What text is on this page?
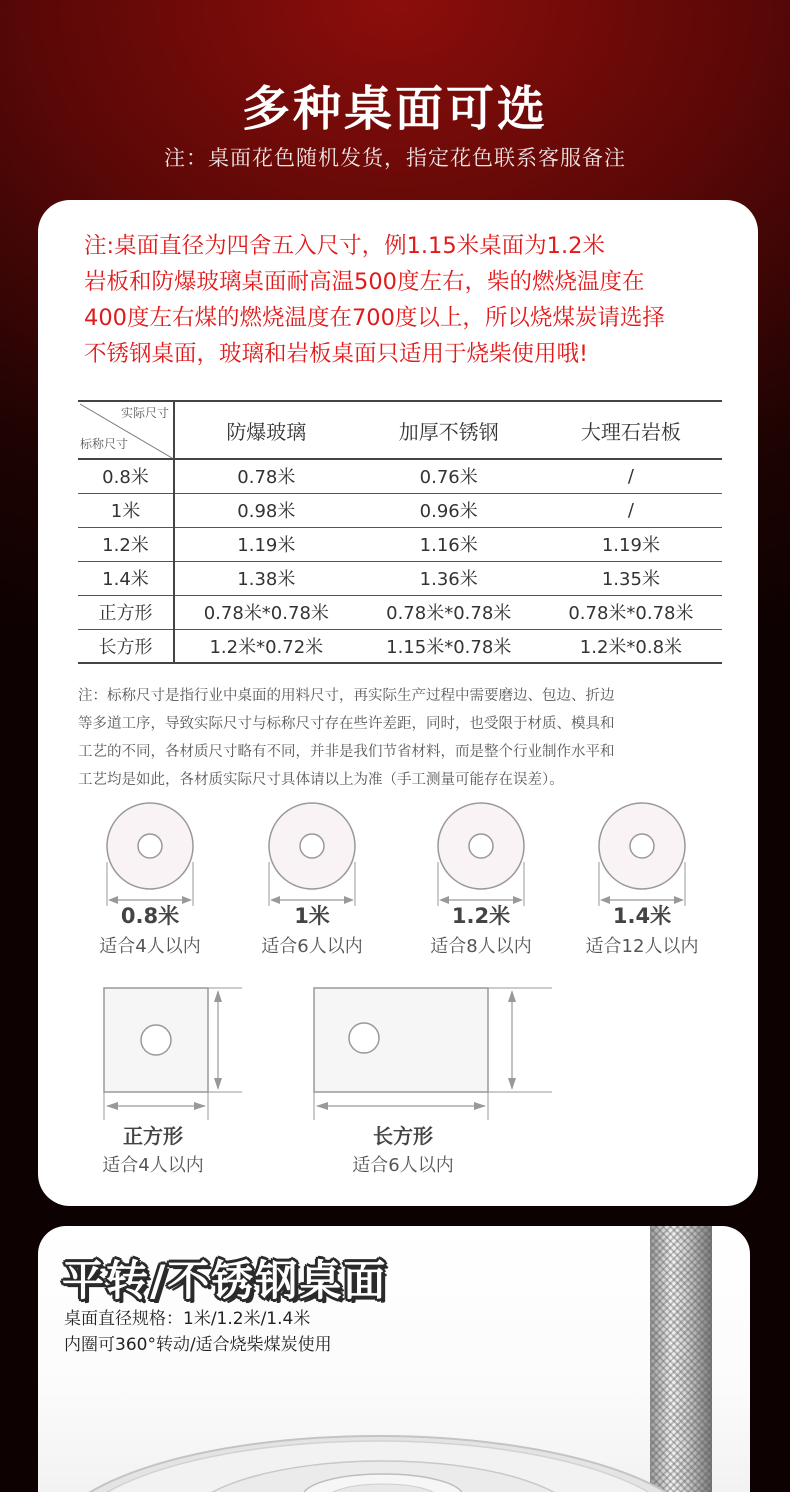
多种桌面可选
注：桌面花色随机发货，指定花色联系客服备注
注:桌面直径为四舍五入尺寸，例1.15米桌面为1.2米
岩板和防爆玻璃桌面耐高温500度左右，柴的燃烧温度在
400度左右煤的燃烧温度在700度以上，所以烧煤炭请选择
不锈钢桌面，玻璃和岩板桌面只适用于烧柴使用哦!
实际尺寸
标称尺寸	防爆玻璃	加厚不锈钢	大理石岩板
0.8米	0.78米	0.76米	/
1米	0.98米	0.96米	/
1.2米	1.19米	1.16米	1.19米
1.4米	1.38米	1.36米	1.35米
正方形	0.78米*0.78米	0.78米*0.78米	0.78米*0.78米
长方形	1.2米*0.72米	1.15米*0.78米	1.2米*0.8米
注：标称尺寸是指行业中桌面的用料尺寸，再实际生产过程中需要磨边、包边、折边
等多道工序，导致实际尺寸与标称尺寸存在些许差距，同时，也受限于材质、模具和
工艺的不同，各材质尺寸略有不同，并非是我们节省材料，而是整个行业制作水平和
工艺均是如此，各材质实际尺寸具体请以上为准（手工测量可能存在误差）。
0.8米
适合4人以内
1米
适合6人以内
1.2米
适合8人以内
1.4米
适合12人以内
正方形
适合4人以内
长方形
适合6人以内
平转/不锈钢桌面
桌面直径规格：1米/1.2米/1.4米
内圈可360°转动/适合烧柴煤炭使用
